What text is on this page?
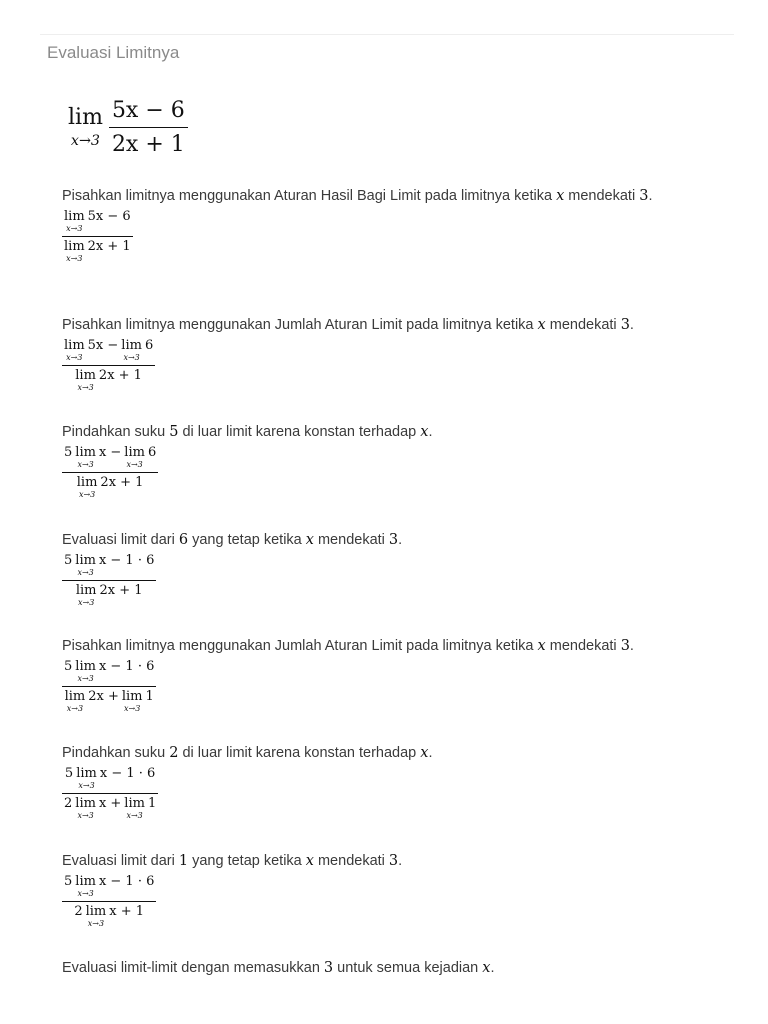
Evaluasi Limitnya
lim
$x\to 3 \frac{5x - 6}{2x + 1}$
Pisahkan limitnya menggunakan Aturan Hasil Bagi Limit pada limitnya ketika x mendekati 3.
lim
x→3
5x − 6
lim
x→3
2x + 1
Pisahkan limitnya menggunakan Jumlah Aturan Limit pada limitnya ketika x mendekati 3.
lim
x→3
5x − lim
x→3
6
lim
x→3
2x + 1
Pindahkan suku 5 di luar limit karena konstan terhadap x.
5 lim
x→3
x − lim
x→3
6
lim
x→3
2x + 1
Evaluasi limit dari 6 yang tetap ketika x mendekati 3.
5 lim
x→3
x − 1 · 6
lim
x→3
2x + 1
Pisahkan limitnya menggunakan Jumlah Aturan Limit pada limitnya ketika x mendekati 3.
5 lim
x→3
x − 1 · 6
lim
x→3
2x + lim
x→3
1
Pindahkan suku 2 di luar limit karena konstan terhadap x.
5 lim
x→3
x − 1 · 6
2 lim
x→3
x + lim
x→3
1
Evaluasi limit dari 1 yang tetap ketika x mendekati 3.
5 lim
x→3
x − 1 · 6
2 lim
x→3
x + 1
Evaluasi limit-limit dengan memasukkan 3 untuk semua kejadian x.
